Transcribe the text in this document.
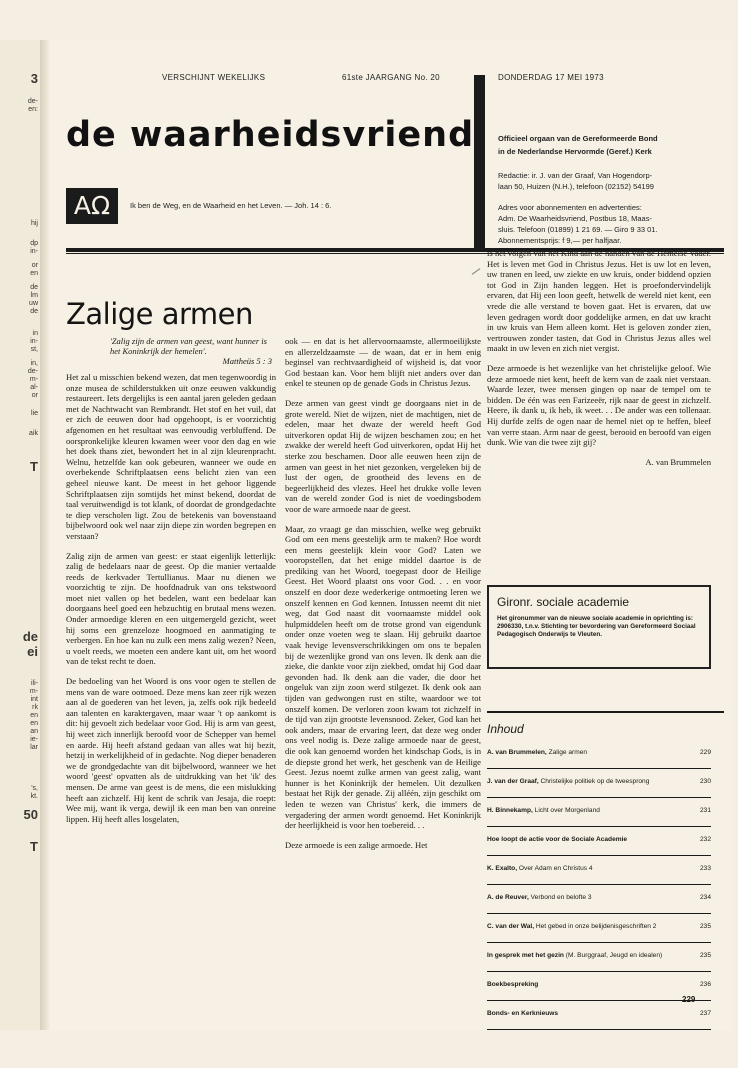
3
de-
en:
hij
dp
in-
or
en
de
lm
uw
de
in
in-
st,
in,
de-
m-
al-
or
lie
aik
T
de
ei
ili-
m-
int
rk
en
en
an
ie-
lar
's,
kt.
50
T
VERSCHIJNT WEKELIJKS	61ste JAARGANG No. 20	DONDERDAG 17 MEI 1973
de waarheidsvriend
AΩ	Ik ben de Weg, en de Waarheid en het Leven. — Joh. 14 : 6.
Officieel orgaan van de Gereformeerde Bond
in de Nederlandse Hervormde (Geref.) Kerk
Redactie: ir. J. van der Graaf, Van Hogendorp-
laan 50, Huizen (N.H.), telefoon (02152) 54199
Adres voor abonnementen en advertenties:
Adm. De Waarheidsvriend, Postbus 18, Maas-
sluis. Telefoon (01899) 1 21 69. — Giro 9 33 01.
Abonnementsprijs: f 9,— per halfjaar.
Zalige armen
'Zalig zijn de armen van geest, want hunner is het Koninkrijk der hemelen'.
Mattheüs 5 : 3

Het zal u misschien bekend wezen, dat men tegenwoordig in onze musea de schilderstukken uit onze eeuwen vakkundig restaureert. Iets dergelijks is een aantal jaren geleden gedaan met de Nachtwacht van Rembrandt. Het stof en het vuil, dat er zich de eeuwen door had opgehoopt, is er voorzichtig afgenomen en het resultaat was eenvoudig verbluffend. De oorspronkelijke kleuren kwamen weer voor den dag en wie het doek thans ziet, bewondert het in al zijn kleurenpracht. Welnu, hetzelfde kan ook gebeuren, wanneer we oude en overbekende Schriftplaatsen eens belicht zien van een geheel nieuwe kant. De meest in het gehoor liggende Schriftplaatsen zijn somtijds het minst bekend, doordat de taal veruitwendigd is tot klank, of doordat de grondgedachte te diep verscholen ligt. Zou de betekenis van bovenstaand bijbelwoord ook wel naar zijn diepe zin worden begrepen en verstaan?

Zalig zijn de armen van geest: er staat eigenlijk letterlijk: zalig de bedelaars naar de geest. Op die manier vertaalde reeds de kerkvader Tertullianus. Maar nu dienen we voorzichtig te zijn. De hoofdnadruk van ons tekstwoord moet niet vallen op het bedelen, want een bedelaar kan doorgaans heel goed een hebzuchtig en brutaal mens wezen. Onder armoedige kleren en een uitgemergeld gezicht, weet hij soms een grenzeloze hoogmoed en aanmatiging te verbergen. En hoe kan nu zulk een mens zalig wezen? Neen, u voelt reeds, we moeten een andere kant uit, om het woord van de tekst recht te doen.

De bedoeling van het Woord is ons voor ogen te stellen de mens van de ware ootmoed. Deze mens kan zeer rijk wezen aan al de goederen van het leven, ja, zelfs ook rijk bedeeld aan talenten en karaktergaven, maar waar 't op aankomt is dit: hij gevoelt zich bedelaar voor God. Hij is arm van geest, hij weet zich innerlijk beroofd voor de Schepper van hemel en aarde. Hij heeft afstand gedaan van alles wat hij bezit, hetzij in werkelijkheid of in gedachte. Nog dieper benaderen we de grondgedachte van dit bijbelwoord, wanneer we het woord 'geest' opvatten als de uitdrukking van het 'ik' des mensen. De arme van geest is de mens, die een mislukking heeft aan zichzelf. Hij kent de schrik van Jesaja, die roept: Wee mij, want ik verga, dewijl ik een man ben van onreine lippen. Hij heeft alles losgelaten,

ook — en dat is het allervoornaamste, allermoeilijkste en allerzeldzaamste — de waan, dat er in hem enig beginsel van rechtvaardigheid of wijsheid is, dat voor God bestaan kan. Voor hem blijft niet anders over dan enkel te steunen op de genade Gods in Christus Jezus.

Deze armen van geest vindt ge doorgaans niet in de grote wereld. Niet de wijzen, niet de machtigen, niet de edelen, maar het dwaze der wereld heeft God uitverkoren opdat Hij de wijzen beschamen zou; en het zwakke der wereld heeft God uitverkoren, opdat Hij het sterke zou beschamen. Door alle eeuwen heen zijn de armen van geest in het niet gezonken, vergeleken bij de lust der ogen, de grootheid des levens en de begeerlijkheid des vlezes. Heel het drukke volle leven van de wereld zonder God is niet de voedingsbodem voor de ware armoede naar de geest.

Maar, zo vraagt ge dan misschien, welke weg gebruikt God om een mens geestelijk arm te maken? Hoe wordt een mens geestelijk klein voor God? Laten we vooropstellen, dat het enige middel daartoe is de prediking van het Woord, toegepast door de Heilige Geest. Het Woord plaatst ons voor God. . . en voor onszelf en door deze wederkerige ontmoeting leren we onszelf kennen en God kennen. Intussen neemt dit niet weg, dat God naast dit voornaamste middel ook hulpmiddelen heeft om de trotse grond van eigendunk onder onze voeten weg te slaan. Hij gebruikt daartoe vaak hevige levensverschrikkingen om ons te bepalen bij de wezenlijke grond van ons leven. Ik denk aan die zieke, die dankte voor zijn ziekbed, omdat hij God daar gevonden had. Ik denk aan die vader, die door het ongeluk van zijn zoon werd stilgezet. Ik denk ook aan tijden van gedwongen rust en stilte, waardoor we tot onszelf komen. De verloren zoon kwam tot zichzelf in de tijd van zijn grootste levensnood. Zeker, God kan het ook anders, maar de ervaring leert, dat deze weg onder ons veel nodig is. Deze zalige armoede naar de geest, die ook kan genoemd worden het kindschap Gods, is in de diepste grond het werk, het geschenk van de Heilige Geest. Jezus noemt zulke armen van geest zalig, want hunner is het Koninkrijk der hemelen. Uit dezulken bestaat het Rijk der genade. Zij alléén, zijn geschikt om leden te wezen van Christus' kerk, die immers de vergadering der armen wordt genoemd. Het Koninkrijk der heerlijkheid is voor hen toebereid. . .

Deze armoede is een zalige armoede. Het

is het volgen van het Kind aan de handen van de Hemelse Vader. Het is leven met God in Christus Jezus. Het is uw lot en leven, uw tranen en leed, uw ziekte en uw kruis, onder biddend opzien tot God in Zijn handen leggen. Het is proefondervindelijk ervaren, dat Hij een loon geeft, hetwelk de wereld niet kent, een vrede die alle verstand te boven gaat. Het is ervaren, dat uw leven gedragen wordt door goddelijke armen, en dat uw kracht in uw kruis van Hem alleen komt. Het is geloven zonder zien, vertrouwen zonder tasten, dat God in Christus Jezus alles wel maakt in uw leven en zich niet vergist.

Deze armoede is het wezenlijke van het christelijke geloof. Wie deze armoede niet kent, heeft de kern van de zaak niet verstaan. Waarde lezer, twee mensen gingen op naar de tempel om te bidden. De één was een Farizeeër, rijk naar de geest in zichzelf. Heere, ik dank u, ik heb, ik weet. . . De ander was een tollenaar. Hij durfde zelfs de ogen naar de hemel niet op te heffen, bleef van verre staan. Arm naar de geest, berooid en beroofd van eigen dunk. Wie van die twee zijt gij?

A. van Brummelen
Gironr. sociale academie

Het gironummer van de nieuwe sociale academie in oprichting is: 2906330, t.n.v. Stichting ter bevordering van Gereformeerd Sociaal Pedagogisch Onderwijs te Vleuten.

Inhoud
A. van Brummelen, Zalige armen	229
J. van der Graaf, Christelijke politiek op de tweesprong	230
H. Binnekamp, Licht over Morgenland	231
Hoe loopt de actie voor de Sociale Academie	232
K. Exalto, Over Adam en Christus 4	233
A. de Reuver, Verbond en belofte 3	234
C. van der Wal, Het gebed in onze belijdenisgeschriften 2	235
In gesprek met het gezin (M. Burggraaf, Jeugd en idealen)	235
Boekbespreking	236
Bonds- en Kerknieuws	237
229
